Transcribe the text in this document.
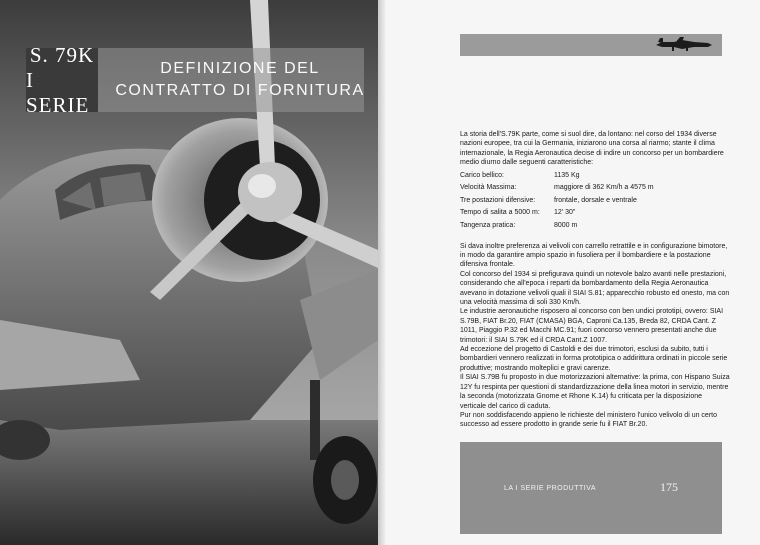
S. 79K
I SERIE
DEFINIZIONE DEL
CONTRATTO DI FORNITURA

La storia dell'S.79K parte, come si suol dire, da lontano: nel corso del 1934 diverse nazioni europee, tra cui la Germania, iniziarono una corsa al riarmo; stante il clima internazionale, la Regia Aeronautica decise di indire un concorso per un bombardiere medio diurno dalle seguenti caratteristiche:

Carico bellico:	1135 Kg
Velocità Massima:	maggiore di 362 Km/h a 4575 m
Tre postazioni difensive:	frontale, dorsale e ventrale
Tempo di salita a 5000 m:	12' 30"
Tangenza pratica:	8000 m

Si dava inoltre preferenza ai velivoli con carrello retrattile e in configurazione bimotore, in modo da garantire ampio spazio in fusoliera per il bombardiere e la postazione difensiva frontale.

Col concorso del 1934 si prefigurava quindi un notevole balzo avanti nelle prestazioni, considerando che all'epoca i reparti da bombardamento della Regia Aeronautica avevano in dotazione velivoli quali il SIAI S.81; apparecchio robusto ed onesto, ma con una velocità massima di soli 330 Km/h.

Le industrie aeronautiche risposero al concorso con ben undici prototipi, ovvero: SIAI S.79B, FIAT Br.20, FIAT (CMASA) BGA, Caproni Ca.135, Breda 82, CRDA Cant. Z 1011, Piaggio P.32 ed Macchi MC.91; fuori concorso vennero presentati anche due trimotori: il SIAI S.79K ed il CRDA Cant.Z 1007.

Ad eccezione del progetto di Castoldi e dei due trimotori, esclusi da subito, tutti i bombardieri vennero realizzati in forma prototipica o addirittura ordinati in piccole serie produttive; mostrando molteplici e gravi carenze.

Il SIAI S.79B fu proposto in due motorizzazioni alternative: la prima, con Hispano Suiza 12Y fu respinta per questioni di standardizzazione della linea motori in servizio, mentre la seconda (motorizzata Gnome et Rhone K.14) fu criticata per la disposizione verticale del carico di caduta.

Pur non soddisfacendo appieno le richieste del ministero l'unico velivolo di un certo successo ad essere prodotto in grande serie fu il FIAT Br.20.

LA I SERIE PRODUTTIVA	175
